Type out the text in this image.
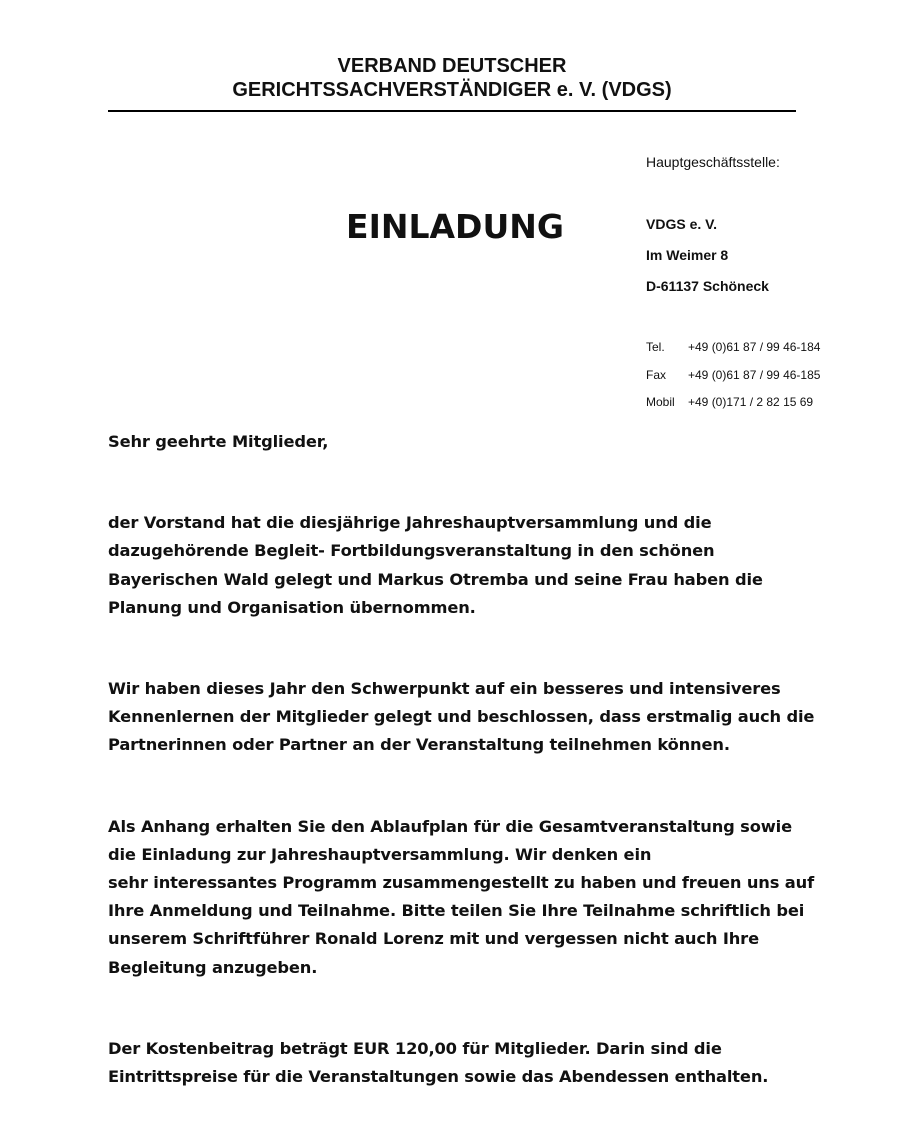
VERBAND DEUTSCHER
GERICHTSSACHVERSTÄNDIGER e. V. (VDGS)
Hauptgeschäftsstelle:
EINLADUNG	VDGS e. V.
Im Weimer 8
D-61137 Schöneck
Tel. +49 (0)61 87 / 99 46-184
Fax +49 (0)61 87 / 99 46-185
Mobil +49 (0)171 / 2 82 15 69
Sehr geehrte Mitglieder,
der Vorstand hat die diesjährige Jahreshauptversammlung und die
dazugehörende Begleit- Fortbildungsveranstaltung in den schönen
Bayerischen Wald gelegt und Markus Otremba und seine Frau haben die
Planung und Organisation übernommen.
Wir haben dieses Jahr den Schwerpunkt auf ein besseres und intensiveres
Kennenlernen der Mitglieder gelegt und beschlossen, dass erstmalig auch die
Partnerinnen oder Partner an der Veranstaltung teilnehmen können.
Als Anhang erhalten Sie den Ablaufplan für die Gesamtveranstaltung sowie
die Einladung zur Jahreshauptversammlung. Wir denken ein
sehr interessantes Programm zusammengestellt zu haben und freuen uns auf
Ihre Anmeldung und Teilnahme. Bitte teilen Sie Ihre Teilnahme schriftlich bei
unserem Schriftführer Ronald Lorenz mit und vergessen nicht auch Ihre
Begleitung anzugeben.
Der Kostenbeitrag beträgt EUR 120,00 für Mitglieder. Darin sind die
Eintrittspreise für die Veranstaltungen sowie das Abendessen enthalten.
